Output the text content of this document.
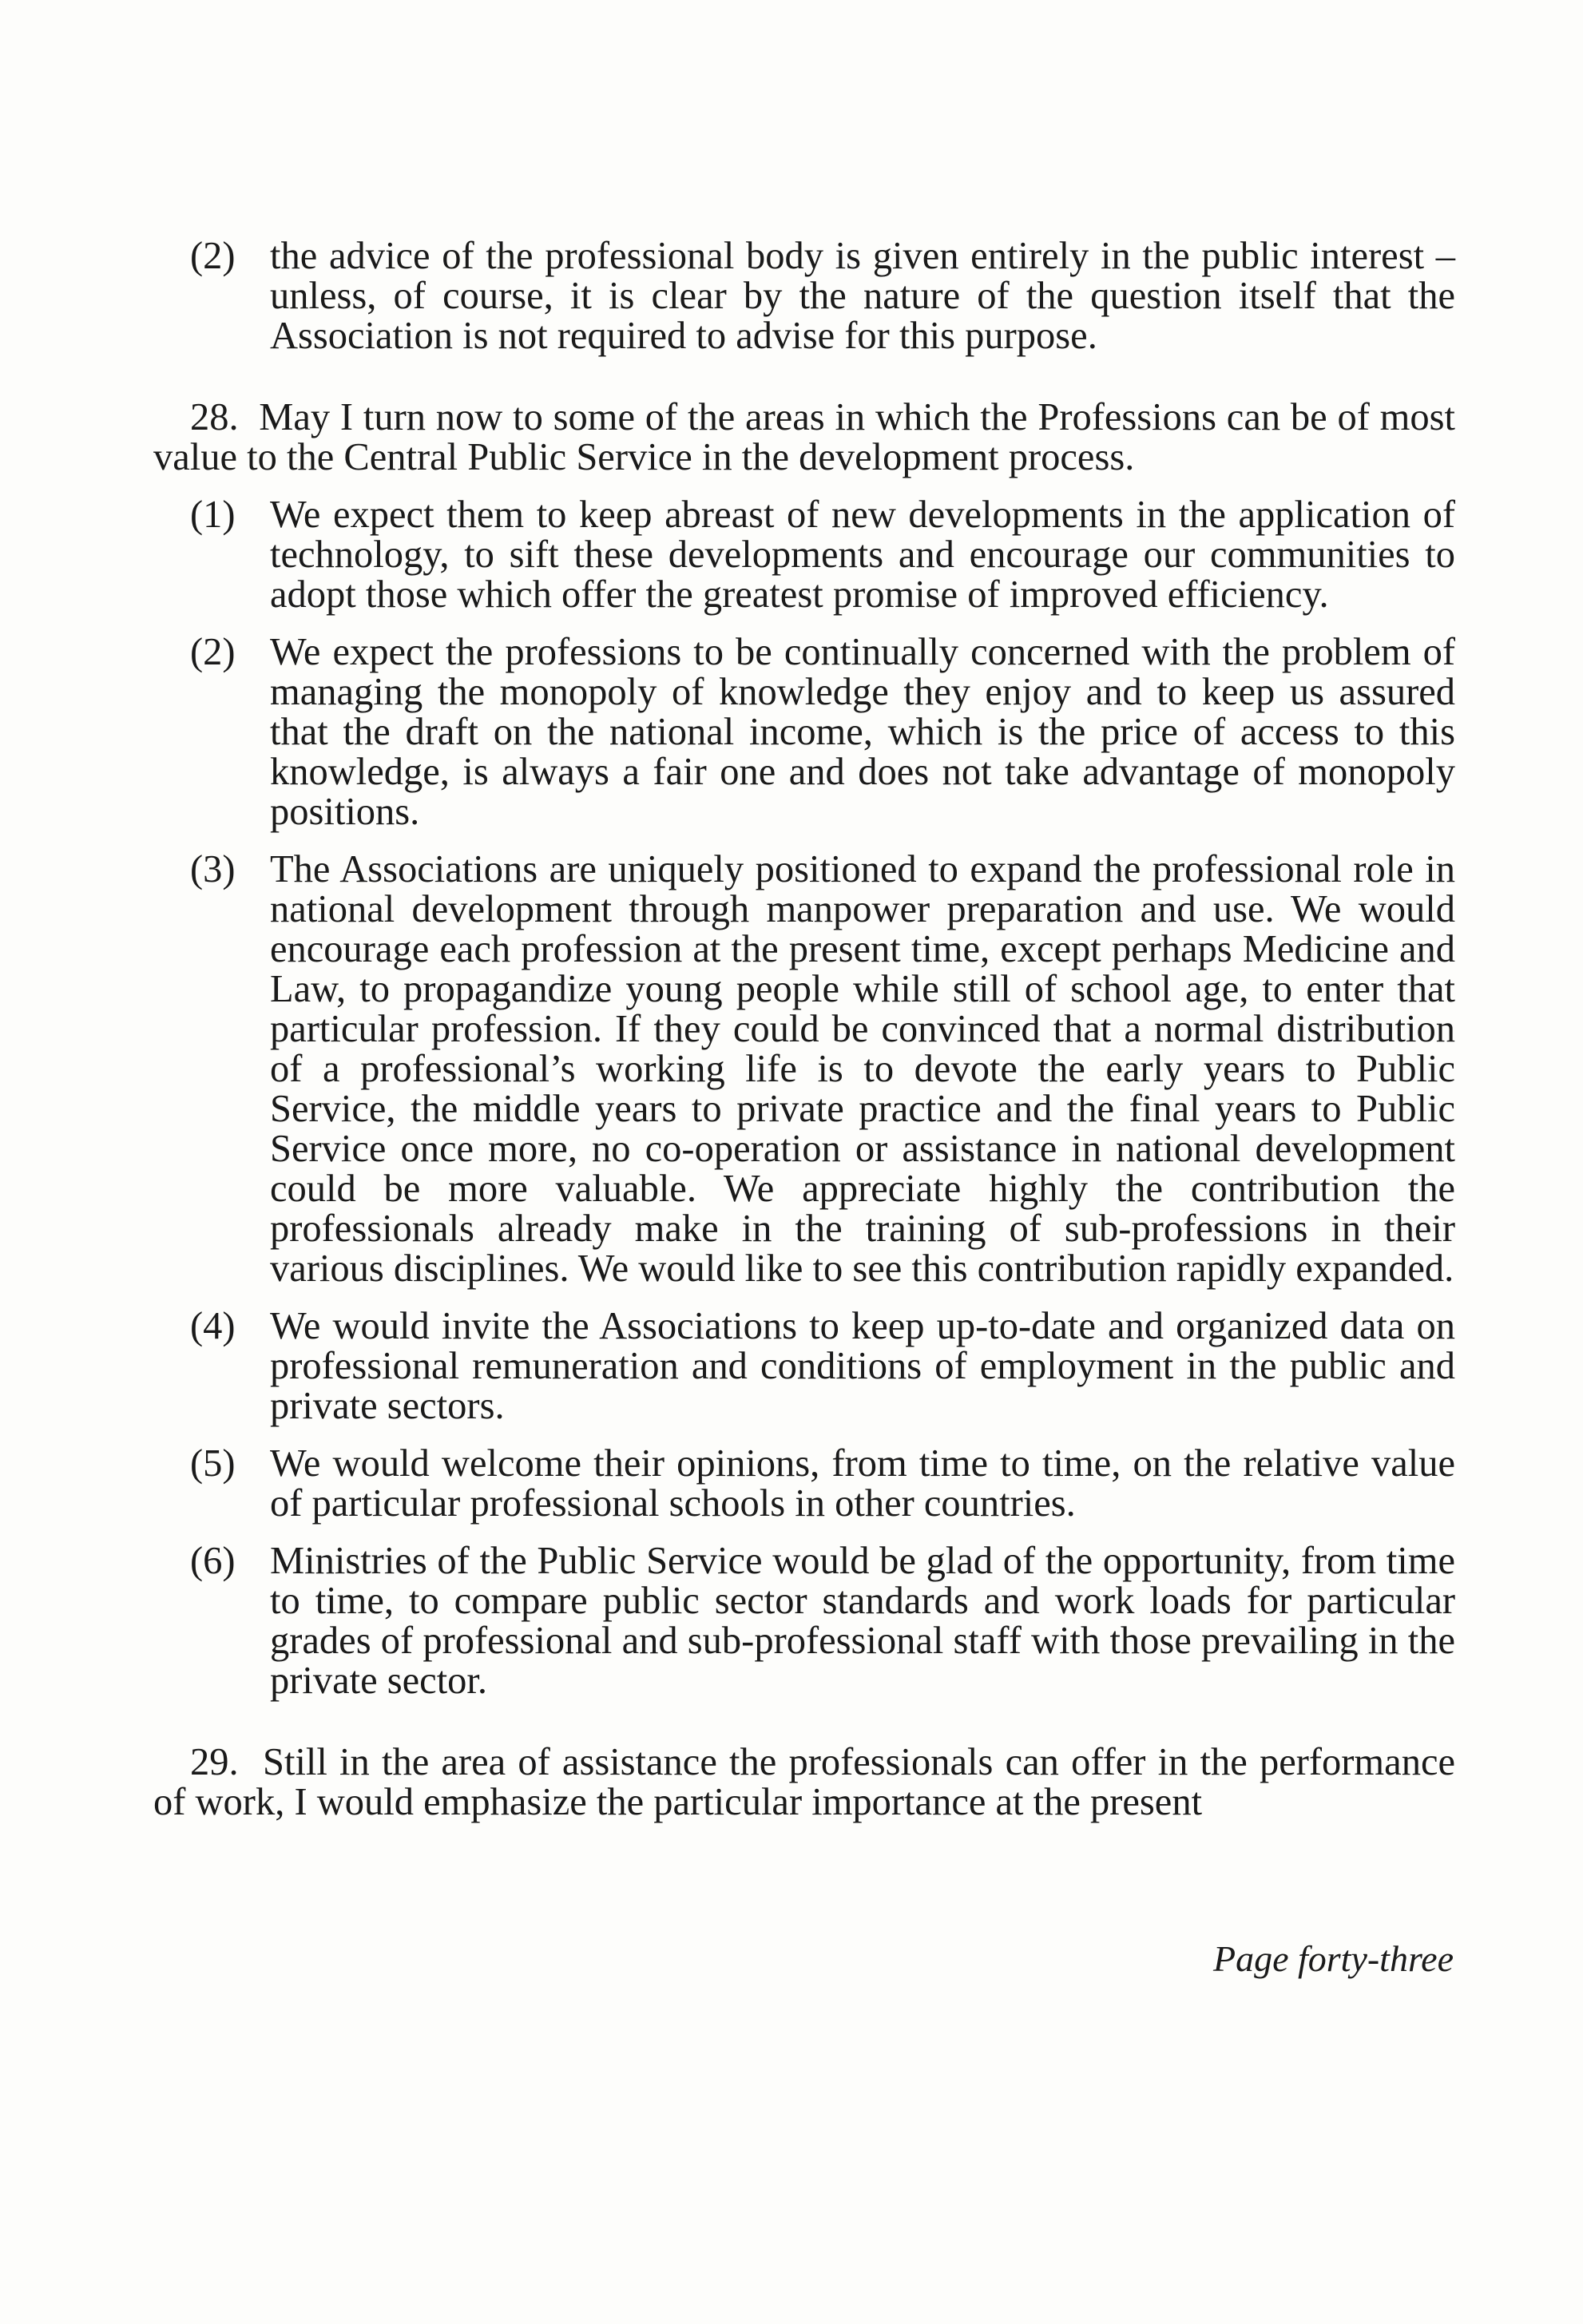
(2) the advice of the professional body is given entirely in the public interest – unless, of course, it is clear by the nature of the question itself that the Association is not required to advise for this purpose.

28. May I turn now to some of the areas in which the Professions can be of most value to the Central Public Service in the development process.

(1) We expect them to keep abreast of new developments in the application of technology, to sift these developments and encourage our communities to adopt those which offer the greatest promise of improved efficiency.
(2) We expect the professions to be continually concerned with the problem of managing the monopoly of knowledge they enjoy and to keep us assured that the draft on the national income, which is the price of access to this knowledge, is always a fair one and does not take advantage of monopoly positions.
(3) The Associations are uniquely positioned to expand the professional role in national development through manpower preparation and use. We would encourage each profession at the present time, except perhaps Medicine and Law, to propagandize young people while still of school age, to enter that particular profession. If they could be convinced that a normal distribution of a professional’s working life is to devote the early years to Public Service, the middle years to private practice and the final years to Public Service once more, no co-operation or assistance in national development could be more valuable. We appreciate highly the contribution the professionals already make in the training of sub-professions in their various disciplines. We would like to see this contribution rapidly expanded.
(4) We would invite the Associations to keep up-to-date and organized data on professional remuneration and conditions of employment in the public and private sectors.
(5) We would welcome their opinions, from time to time, on the relative value of particular professional schools in other countries.
(6) Ministries of the Public Service would be glad of the opportunity, from time to time, to compare public sector standards and work loads for particular grades of professional and sub-professional staff with those prevailing in the private sector.

29. Still in the area of assistance the professionals can offer in the performance of work, I would emphasize the particular importance at the present

Page forty-three
